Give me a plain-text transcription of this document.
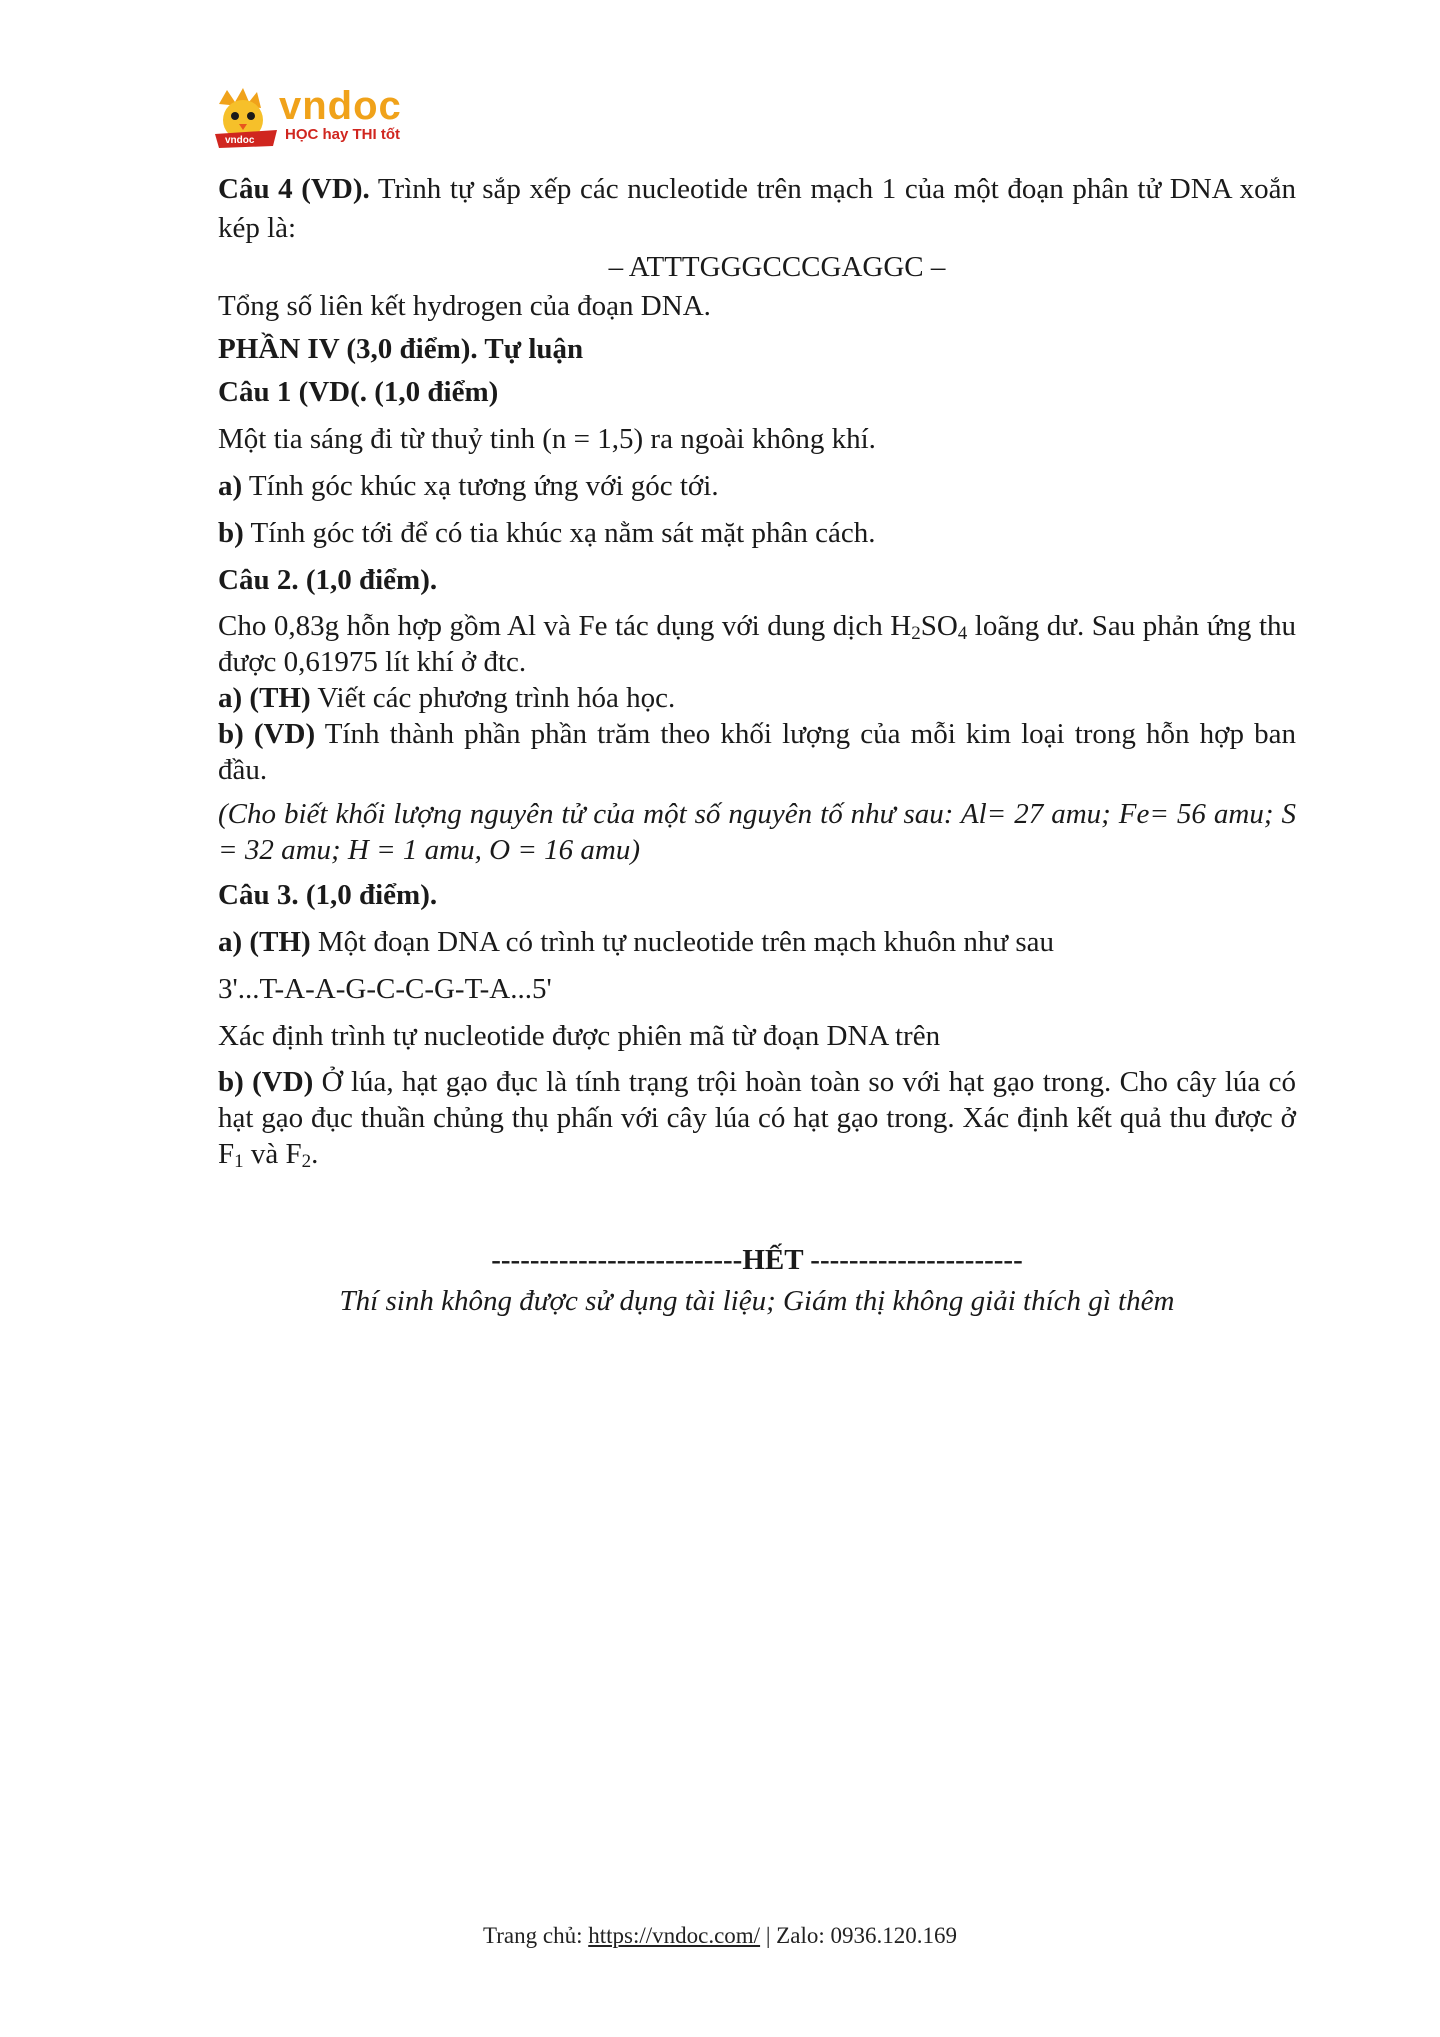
vndoc
vndoc
HỌC hay THI tốt

Câu 4 (VD). Trình tự sắp xếp các nucleotide trên mạch 1 của một đoạn phân tử DNA xoắn kép là:

– ATTTGGGCCCGAGGC –

Tổng số liên kết hydrogen của đoạn DNA.

PHẦN IV (3,0 điểm). Tự luận

Câu 1 (VD(. (1,0 điểm)

Một tia sáng đi từ thuỷ tinh (n = 1,5) ra ngoài không khí.

a) Tính góc khúc xạ tương ứng với góc tới.

b) Tính góc tới để có tia khúc xạ nằm sát mặt phân cách.

Câu 2. (1,0 điểm).

Cho 0,83g hỗn hợp gồm Al và Fe tác dụng với dung dịch $H_2SO_4$ loãng dư. Sau phản ứng thu được 0,61975 lít khí ở đtc.

a) (TH) Viết các phương trình hóa học.

b) (VD) Tính thành phần phần trăm theo khối lượng của mỗi kim loại trong hỗn hợp ban đầu.

(Cho biết khối lượng nguyên tử của một số nguyên tố như sau: Al= 27 amu; Fe= 56 amu; S = 32 amu; H = 1 amu, O = 16 amu)

Câu 3. (1,0 điểm).

a) (TH) Một đoạn DNA có trình tự nucleotide trên mạch khuôn như sau

3'...T-A-A-G-C-C-G-T-A...5'

Xác định trình tự nucleotide được phiên mã từ đoạn DNA trên

b) (VD) Ở lúa, hạt gạo đục là tính trạng trội hoàn toàn so với hạt gạo trong. Cho cây lúa có hạt gạo đục thuần chủng thụ phấn với cây lúa có hạt gạo trong. Xác định kết quả thu được ở $F_1$ và $F_2$.

--------------------------HẾT ----------------------

Thí sinh không được sử dụng tài liệu; Giám thị không giải thích gì thêm

Trang chủ: https://vndoc.com/ | Zalo: 0936.120.169
